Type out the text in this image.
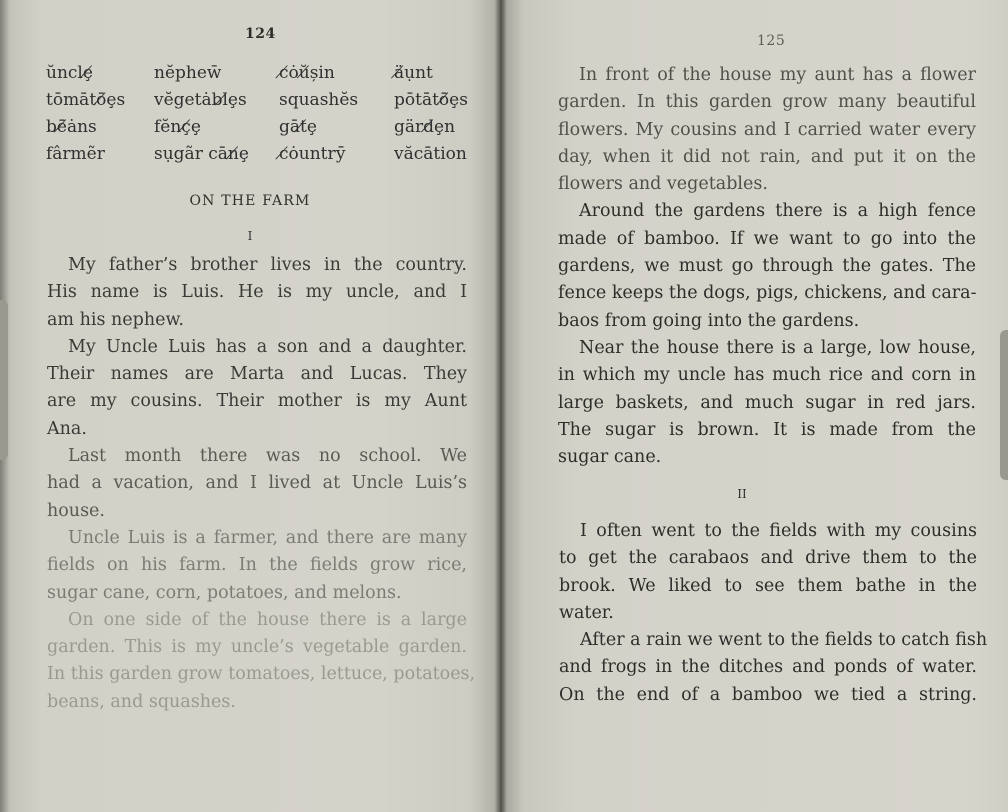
124
ŭnclȩ̸	nĕphew̄	c̸ȯŭ̸șin	ä̸ụnt
tōmātō̸ȩs	vĕgetȧbl̸ȩs	squashĕs	pōtātō̸ȩs
bē̸ȧns	fĕnç̸ȩ	gāt̸ȩ	gärd̸ȩn
fârmẽr	sụgãr cān̸ȩ	c̸ȯuntrӯ	văcātion
ON THE FARM
I
My father’s brother lives in the country.
His name is Luis. He is my uncle, and I
am his nephew.
My Uncle Luis has a son and a daughter.
Their names are Marta and Lucas. They
are my cousins. Their mother is my Aunt
Ana.
Last month there was no school. We
had a vacation, and I lived at Uncle Luis’s
house.
Uncle Luis is a farmer, and there are many
fields on his farm. In the fields grow rice,
sugar cane, corn, potatoes, and melons.
On one side of the house there is a large
garden. This is my uncle’s vegetable garden.
In this garden grow tomatoes, lettuce, potatoes,
beans, and squashes.
125
In front of the house my aunt has a flower
garden. In this garden grow many beautiful
flowers. My cousins and I carried water every
day, when it did not rain, and put it on the
flowers and vegetables.
Around the gardens there is a high fence
made of bamboo. If we want to go into the
gardens, we must go through the gates. The
fence keeps the dogs, pigs, chickens, and cara-
baos from going into the gardens.
Near the house there is a large, low house,
in which my uncle has much rice and corn in
large baskets, and much sugar in red jars.
The sugar is brown. It is made from the
sugar cane.
II
I often went to the fields with my cousins
to get the carabaos and drive them to the
brook. We liked to see them bathe in the
water.
After a rain we went to the fields to catch fish
and frogs in the ditches and ponds of water.
On the end of a bamboo we tied a string.
